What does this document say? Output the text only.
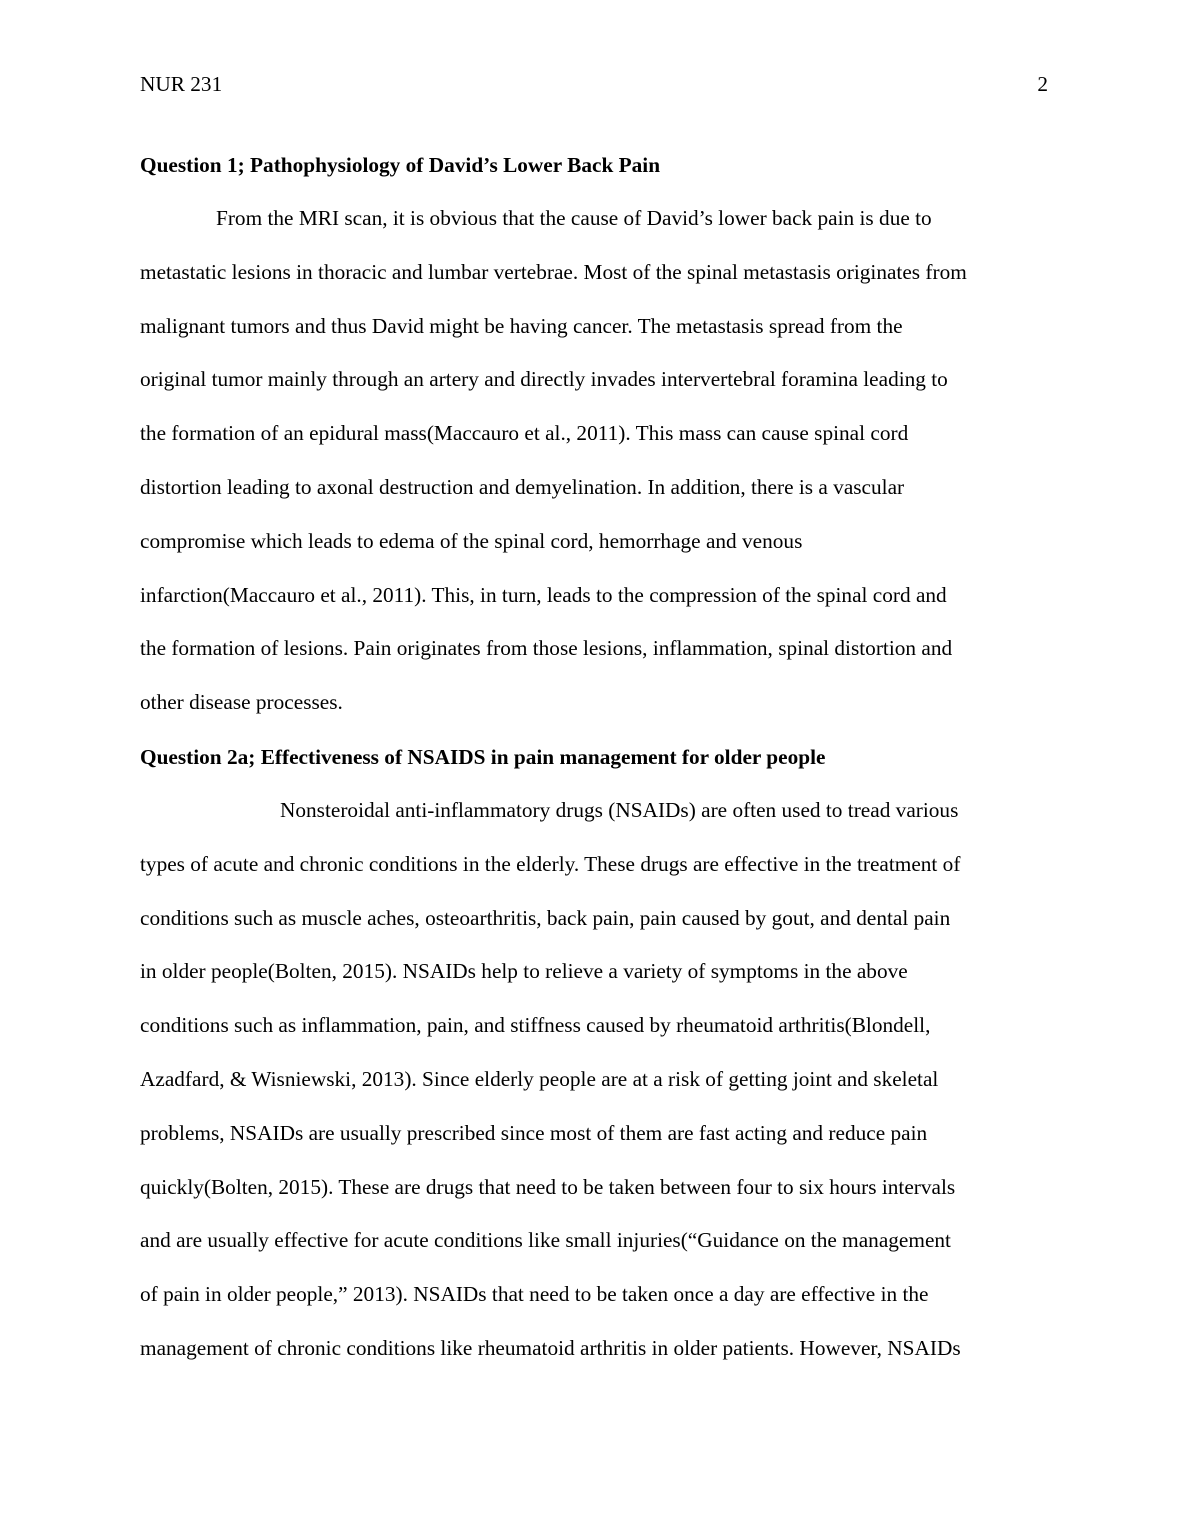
NUR 231	2
Question 1; Pathophysiology of David’s Lower Back Pain
From the MRI scan, it is obvious that the cause of David’s lower back pain is due to
metastatic lesions in thoracic and lumbar vertebrae. Most of the spinal metastasis originates from
malignant tumors and thus David might be having cancer. The metastasis spread from the
original tumor mainly through an artery and directly invades intervertebral foramina leading to
the formation of an epidural mass(Maccauro et al., 2011). This mass can cause spinal cord
distortion leading to axonal destruction and demyelination. In addition, there is a vascular
compromise which leads to edema of the spinal cord, hemorrhage and venous
infarction(Maccauro et al., 2011). This, in turn, leads to the compression of the spinal cord and
the formation of lesions. Pain originates from those lesions, inflammation, spinal distortion and
other disease processes.
Question 2a; Effectiveness of NSAIDS in pain management for older people
Nonsteroidal anti-inflammatory drugs (NSAIDs) are often used to tread various
types of acute and chronic conditions in the elderly. These drugs are effective in the treatment of
conditions such as muscle aches, osteoarthritis, back pain, pain caused by gout, and dental pain
in older people(Bolten, 2015). NSAIDs help to relieve a variety of symptoms in the above
conditions such as inflammation, pain, and stiffness caused by rheumatoid arthritis(Blondell,
Azadfard, & Wisniewski, 2013). Since elderly people are at a risk of getting joint and skeletal
problems, NSAIDs are usually prescribed since most of them are fast acting and reduce pain
quickly(Bolten, 2015). These are drugs that need to be taken between four to six hours intervals
and are usually effective for acute conditions like small injuries(“Guidance on the management
of pain in older people,” 2013). NSAIDs that need to be taken once a day are effective in the
management of chronic conditions like rheumatoid arthritis in older patients. However, NSAIDs
